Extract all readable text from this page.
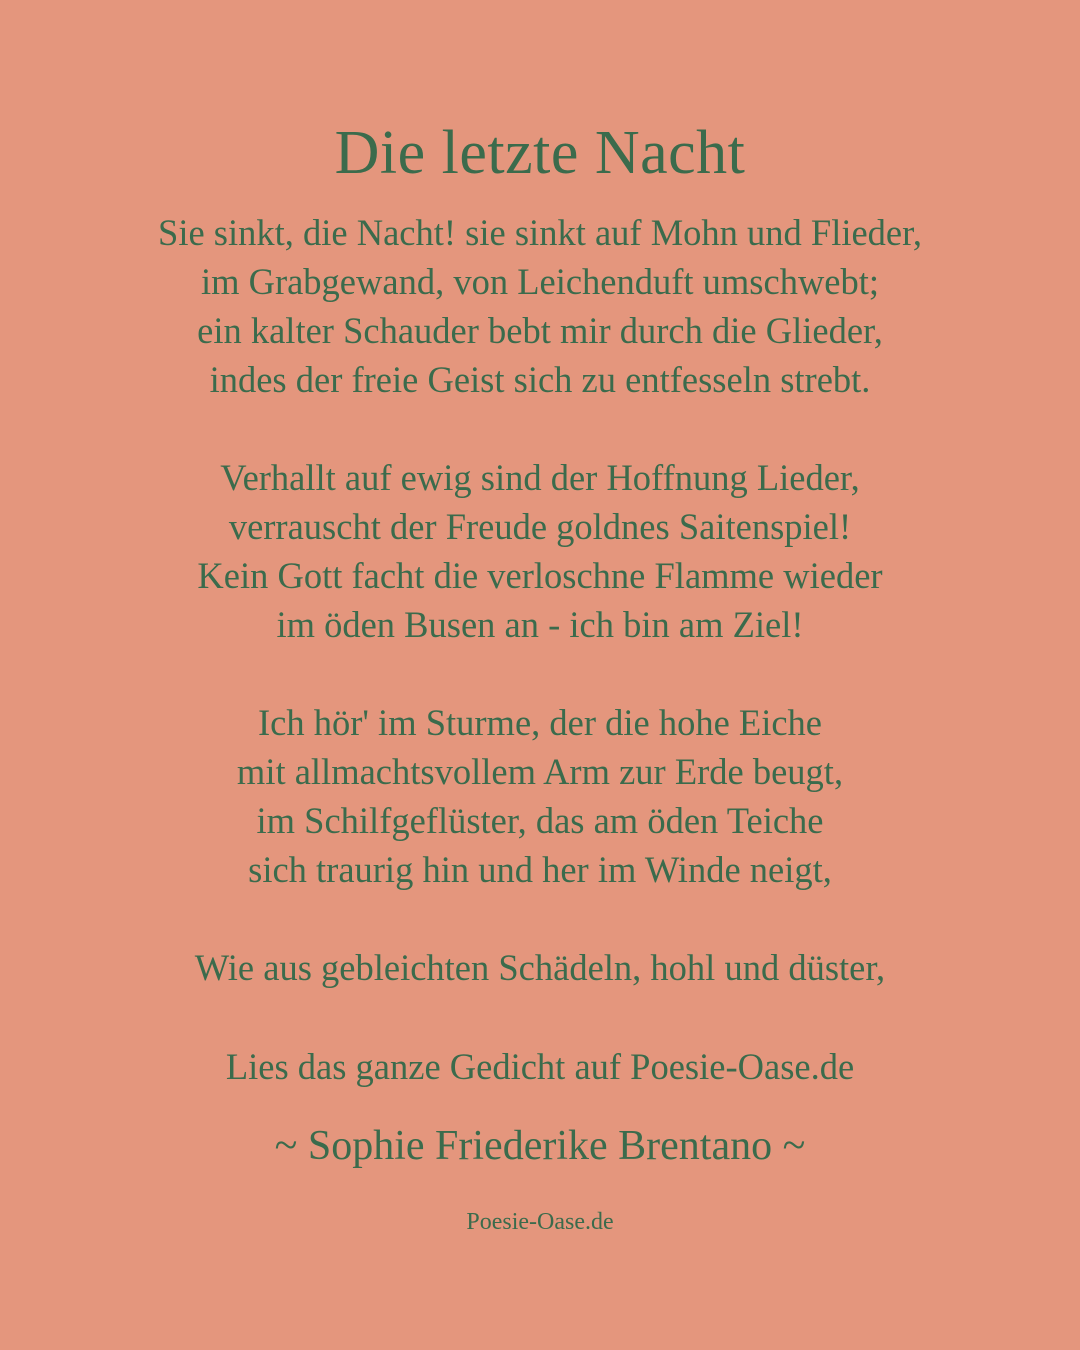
Die letzte Nacht
Sie sinkt, die Nacht! sie sinkt auf Mohn und Flieder,
im Grabgewand, von Leichenduft umschwebt;
ein kalter Schauder bebt mir durch die Glieder,
indes der freie Geist sich zu entfesseln strebt.
Verhallt auf ewig sind der Hoffnung Lieder,
verrauscht der Freude goldnes Saitenspiel!
Kein Gott facht die verloschne Flamme wieder
im öden Busen an - ich bin am Ziel!
Ich hör' im Sturme, der die hohe Eiche
mit allmachtsvollem Arm zur Erde beugt,
im Schilfgeflüster, das am öden Teiche
sich traurig hin und her im Winde neigt,
Wie aus gebleichten Schädeln, hohl und düster,
Lies das ganze Gedicht auf Poesie-Oase.de
~ Sophie Friederike Brentano ~
Poesie-Oase.de
